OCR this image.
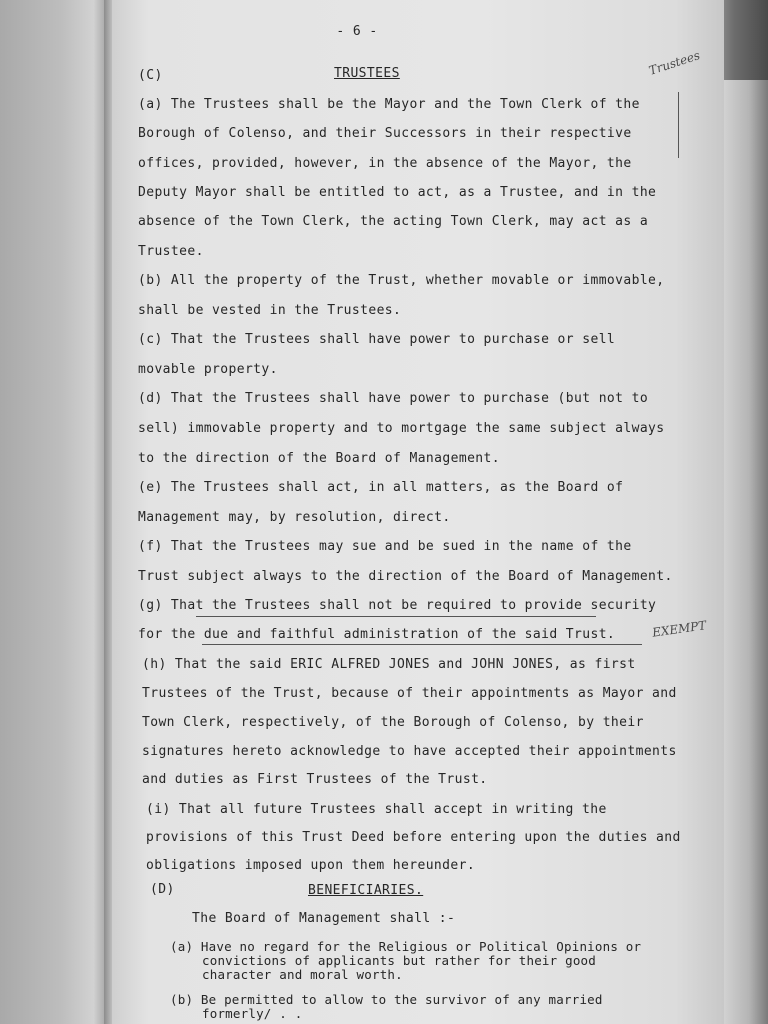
- 6 -
(C)	TRUSTEES	Trustees
(a) The Trustees shall be the Mayor and the Town Clerk of the
Borough of Colenso, and their Successors in their respective
offices, provided, however, in the absence of the Mayor, the
Deputy Mayor shall be entitled to act, as a Trustee, and in the
absence of the Town Clerk, the acting Town Clerk, may act as a
Trustee.
(b) All the property of the Trust, whether movable or immovable,
shall be vested in the Trustees.
(c) That the Trustees shall have power to purchase or sell
movable property.
(d) That the Trustees shall have power to purchase (but not to
sell) immovable property and to mortgage the same subject always
to the direction of the Board of Management.
(e) The Trustees shall act, in all matters, as the Board of
Management may, by resolution, direct.
(f) That the Trustees may sue and be sued in the name of the
Trust subject always to the direction of the Board of Management.
(g) That the Trustees shall not be required to provide security
for the due and faithful administration of the said Trust.	EXEMPT
(h) That the said ERIC ALFRED JONES and JOHN JONES, as first
Trustees of the Trust, because of their appointments as Mayor and
Town Clerk, respectively, of the Borough of Colenso, by their
signatures hereto acknowledge to have accepted their appointments
and duties as First Trustees of the Trust.
(i) That all future Trustees shall accept in writing the
provisions of this Trust Deed before entering upon the duties and
obligations imposed upon them hereunder.
(D)	BENEFICIARIES.
The Board of Management shall :-
(a) Have no regard for the Religious or Political Opinions or
convictions of applicants but rather for their good
character and moral worth.
(b) Be permitted to allow to the survivor of any married
formerly/ . .
